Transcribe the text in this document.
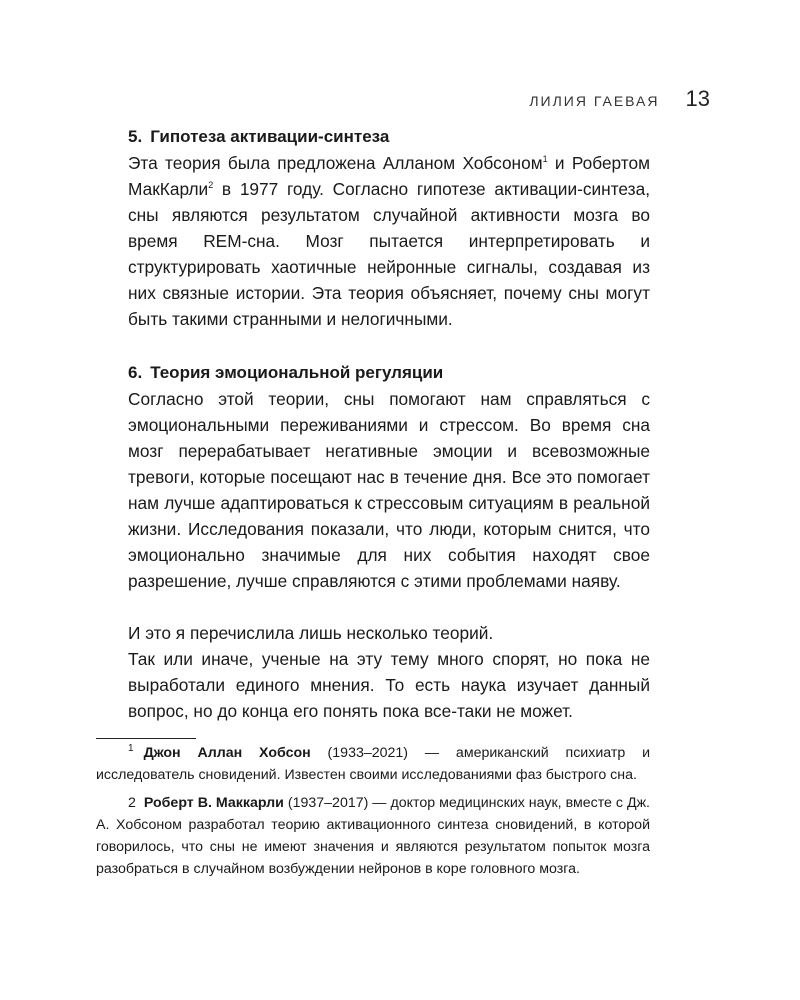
ЛИЛИЯ ГАЕВАЯ 13
5. Гипотеза активации-синтеза

Эта теория была предложена Алланом Хобсоном$^1$ и Робертом МакКарли$^2$ в 1977 году. Согласно гипотезе активации-синтеза, сны являются результатом случайной активности мозга во время REM-сна. Мозг пытается интерпретировать и структурировать хаотичные нейронные сигналы, создавая из них связные истории. Эта теория объясняет, почему сны могут быть такими странными и нелогичными.

6. Теория эмоциональной регуляции

Согласно этой теории, сны помогают нам справляться с эмоциональными переживаниями и стрессом. Во время сна мозг перерабатывает негативные эмоции и всевозможные тревоги, которые посещают нас в течение дня. Все это помогает нам лучше адаптироваться к стрессовым ситуациям в реальной жизни. Исследования показали, что люди, которым снится, что эмоционально значимые для них события находят свое разрешение, лучше справляются с этими проблемами наяву.

И это я перечислила лишь несколько теорий.

Так или иначе, ученые на эту тему много спорят, но пока не выработали единого мнения. То есть наука изучает данный вопрос, но до конца его понять пока все-таки не может.

1 Джон Аллан Хобсон (1933–2021) — американский психиатр и исследователь сновидений. Известен своими исследованиями фаз быстрого сна.

2 Роберт В. Маккарли (1937–2017) — доктор медицинских наук, вместе с Дж. А. Хобсоном разработал теорию активационного синтеза сновидений, в которой говорилось, что сны не имеют значения и являются результатом попыток мозга разобраться в случайном возбуждении нейронов в коре головного мозга.
